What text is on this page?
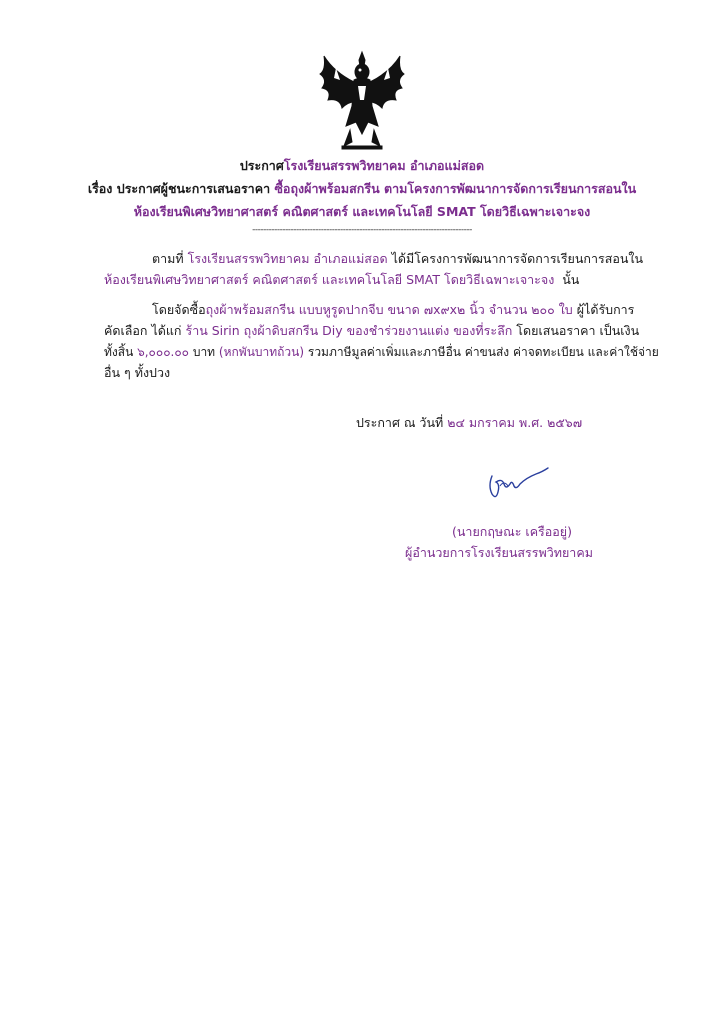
ประกาศโรงเรียนสรรพวิทยาคม อำเภอแม่สอด
เรื่อง ประกาศผู้ชนะการเสนอราคา ซื้อถุงผ้าพร้อมสกรีน ตามโครงการพัฒนาการจัดการเรียนการสอนใน
ห้องเรียนพิเศษวิทยาศาสตร์ คณิตศาสตร์ และเทคโนโลยี SMAT โดยวิธีเฉพาะเจาะจง
--------------------------------------------------------------------------------
ตามที่ โรงเรียนสรรพวิทยาคม อำเภอแม่สอด ได้มีโครงการพัฒนาการจัดการเรียนการสอนใน
ห้องเรียนพิเศษวิทยาศาสตร์ คณิตศาสตร์ และเทคโนโลยี SMAT โดยวิธีเฉพาะเจาะจง นั้น
โดยจัดซื้อถุงผ้าพร้อมสกรีน แบบหูรูดปากจีบ ขนาด ๗x๙x๒ นิ้ว จำนวน ๒๐๐ ใบ ผู้ได้รับการ
คัดเลือก ได้แก่ ร้าน Sirin ถุงผ้าดิบสกรีน Diy ของชำร่วยงานแต่ง ของที่ระลึก โดยเสนอราคา เป็นเงิน
ทั้งสิ้น ๖,๐๐๐.๐๐ บาท (หกพันบาทถ้วน) รวมภาษีมูลค่าเพิ่มและภาษีอื่น ค่าขนส่ง ค่าจดทะเบียน และค่าใช้จ่าย
อื่น ๆ ทั้งปวง
ประกาศ ณ วันที่ ๒๔ มกราคม พ.ศ. ๒๕๖๗
(นายกฤษณะ เครืออยู่)
ผู้อำนวยการโรงเรียนสรรพวิทยาคม
